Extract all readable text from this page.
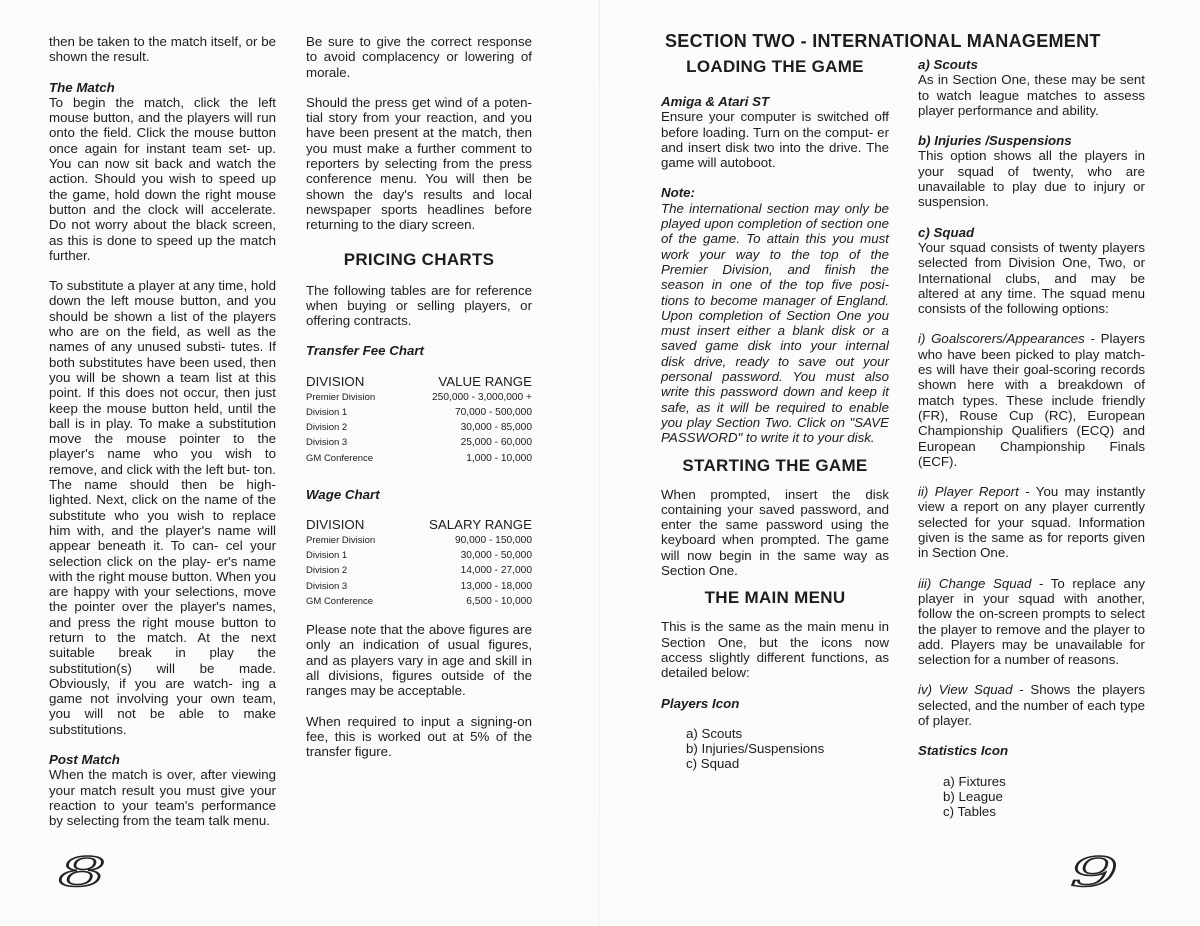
then be taken to the match itself, or be shown the result.

The Match

To begin the match, click the left mouse button, and the players will run onto the field. Click the mouse button once again for instant team set- up. You can now sit back and watch the action. Should you wish to speed up the game, hold down the right mouse button and the clock will accelerate. Do not worry about the black screen, as this is done to speed up the match further.

To substitute a player at any time, hold down the left mouse button, and you should be shown a list of the players who are on the field, as well as the names of any unused substi- tutes. If both substitutes have been used, then you will be shown a team list at this point. If this does not occur, then just keep the mouse button held, until the ball is in play. To make a substitution move the mouse pointer to the player's name who you wish to remove, and click with the left but- ton. The name should then be high- lighted. Next, click on the name of the substitute who you wish to replace him with, and the player's name will appear beneath it. To can- cel your selection click on the play- er's name with the right mouse button. When you are happy with your selections, move the pointer over the player's names, and press the right mouse button to return to the match. At the next suitable break in play the substitution(s) will be made. Obviously, if you are watch- ing a game not involving your own team, you will not be able to make substitutions.

Post Match

When the match is over, after viewing your match result you must give your reaction to your team's performance by selecting from the team talk menu.

Be sure to give the correct response to avoid complacency or lowering of morale.

Should the press get wind of a poten- tial story from your reaction, and you have been present at the match, then you must make a further comment to reporters by selecting from the press conference menu. You will then be shown the day's results and local newspaper sports headlines before returning to the diary screen.

PRICING CHARTS

The following tables are for reference when buying or selling players, or offering contracts.

Transfer Fee Chart

DIVISION	VALUE RANGE
Premier Division	250,000 - 3,000,000 +
Division 1	70,000 - 500,000
Division 2	30,000 - 85,000
Division 3	25,000 - 60,000
GM Conference	1,000 - 10,000

Wage Chart

DIVISION	SALARY RANGE
Premier Division	90,000 - 150,000
Division 1	30,000 - 50,000
Division 2	14,000 - 27,000
Division 3	13,000 - 18,000
GM Conference	6,500 - 10,000

Please note that the above figures are only an indication of usual figures, and as players vary in age and skill in all divisions, figures outside of the ranges may be acceptable.

When required to input a signing-on fee, this is worked out at 5% of the transfer figure.

8

SECTION TWO - INTERNATIONAL MANAGEMENT

LOADING THE GAME

Amiga & Atari ST

Ensure your computer is switched off before loading. Turn on the comput- er and insert disk two into the drive. The game will autoboot.

Note:

The international section may only be played upon completion of section one of the game. To attain this you must work your way to the top of the Premier Division, and finish the season in one of the top five posi- tions to become manager of England. Upon completion of Section One you must insert either a blank disk or a saved game disk into your internal disk drive, ready to save out your personal password. You must also write this password down and keep it safe, as it will be required to enable you play Section Two. Click on "SAVE PASSWORD" to write it to your disk.

STARTING THE GAME

When prompted, insert the disk containing your saved password, and enter the same password using the keyboard when prompted. The game will now begin in the same way as Section One.

THE MAIN MENU

This is the same as the main menu in Section One, but the icons now access slightly different functions, as detailed below:

Players Icon

a) Scouts

b) Injuries/Suspensions

c) Squad

a) Scouts

As in Section One, these may be sent to watch league matches to assess player performance and ability.

b) Injuries /Suspensions

This option shows all the players in your squad of twenty, who are unavailable to play due to injury or suspension.

c) Squad

Your squad consists of twenty players selected from Division One, Two, or International clubs, and may be altered at any time. The squad menu consists of the following options:

i) Goalscorers/Appearances - Players who have been picked to play match- es will have their goal-scoring records shown here with a breakdown of match types. These include friendly (FR), Rouse Cup (RC), European Championship Qualifiers (ECQ) and European Championship Finals (ECF).

ii) Player Report - You may instantly view a report on any player currently selected for your squad. Information given is the same as for reports given in Section One.

iii) Change Squad - To replace any player in your squad with another, follow the on-screen prompts to select the player to remove and the player to add. Players may be unavailable for selection for a number of reasons.

iv) View Squad - Shows the players selected, and the number of each type of player.

Statistics Icon

a) Fixtures

b) League

c) Tables

9
